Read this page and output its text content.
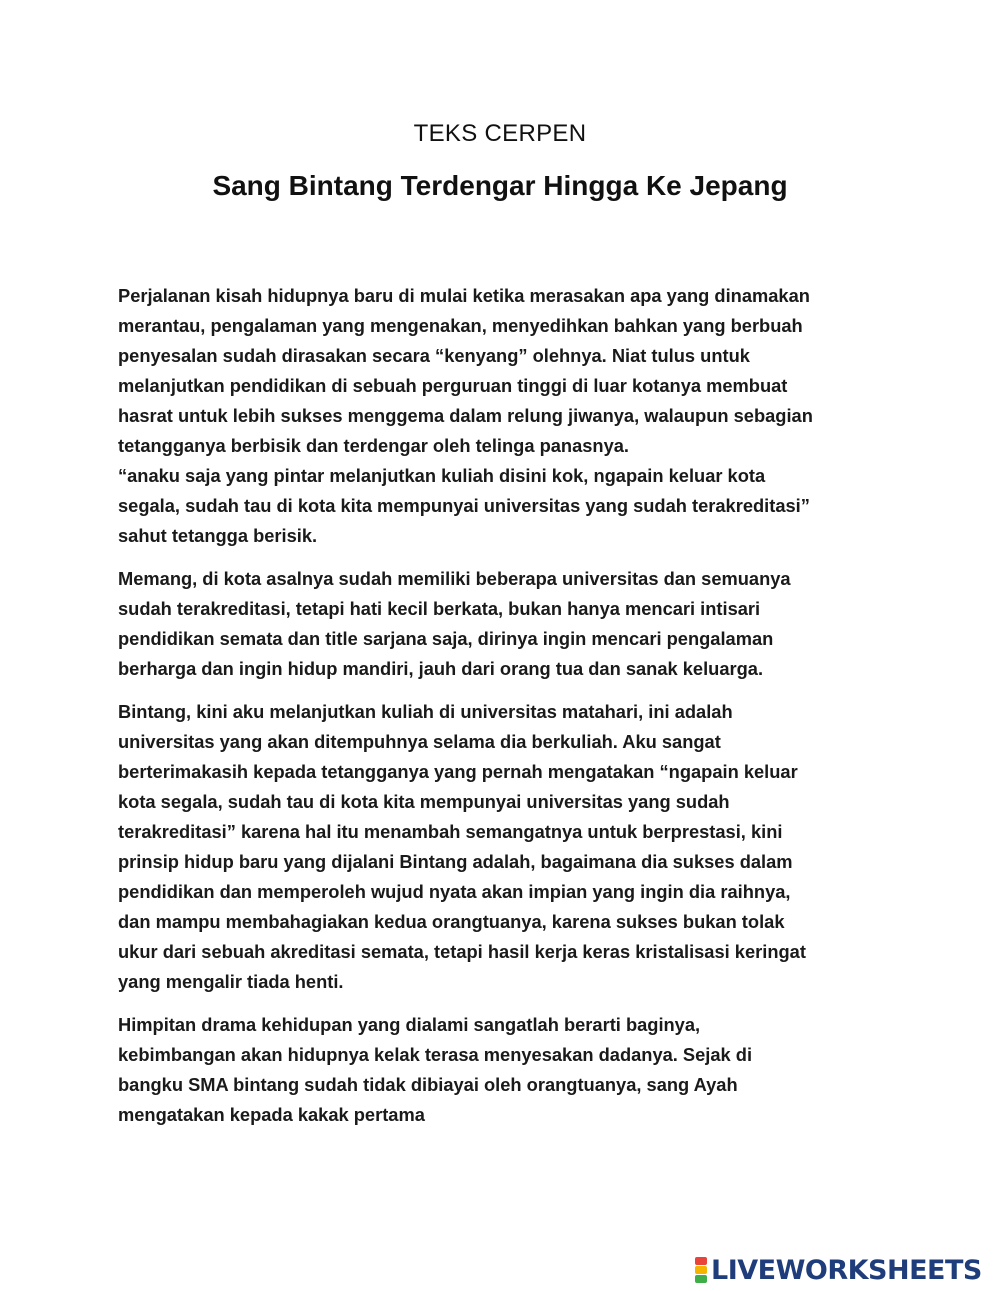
TEKS CERPEN
Sang Bintang Terdengar Hingga Ke Jepang

Perjalanan kisah hidupnya baru di mulai ketika merasakan apa yang dinamakan
merantau, pengalaman yang mengenakan, menyedihkan bahkan yang berbuah
penyesalan sudah dirasakan secara “kenyang” olehnya. Niat tulus untuk
melanjutkan pendidikan di sebuah perguruan tinggi di luar kotanya membuat
hasrat untuk lebih sukses menggema dalam relung jiwanya, walaupun sebagian
tetangganya berbisik dan terdengar oleh telinga panasnya.
“anaku saja yang pintar melanjutkan kuliah disini kok, ngapain keluar kota
segala, sudah tau di kota kita mempunyai universitas yang sudah terakreditasi”
sahut tetangga berisik.

Memang, di kota asalnya sudah memiliki beberapa universitas dan semuanya
sudah terakreditasi, tetapi hati kecil berkata, bukan hanya mencari intisari
pendidikan semata dan title sarjana saja, dirinya ingin mencari pengalaman
berharga dan ingin hidup mandiri, jauh dari orang tua dan sanak keluarga.

Bintang, kini aku melanjutkan kuliah di universitas matahari, ini adalah
universitas yang akan ditempuhnya selama dia berkuliah. Aku sangat
berterimakasih kepada tetangganya yang pernah mengatakan “ngapain keluar
kota segala, sudah tau di kota kita mempunyai universitas yang sudah
terakreditasi” karena hal itu menambah semangatnya untuk berprestasi, kini
prinsip hidup baru yang dijalani Bintang adalah, bagaimana dia sukses dalam
pendidikan dan memperoleh wujud nyata akan impian yang ingin dia raihnya,
dan mampu membahagiakan kedua orangtuanya, karena sukses bukan tolak
ukur dari sebuah akreditasi semata, tetapi hasil kerja keras kristalisasi keringat
yang mengalir tiada henti.

Himpitan drama kehidupan yang dialami sangatlah berarti baginya,
kebimbangan akan hidupnya kelak terasa menyesakan dadanya. Sejak di
bangku SMA bintang sudah tidak dibiayai oleh orangtuanya, sang Ayah
mengatakan kepada kakak pertama

LIVEWORKSHEETS
